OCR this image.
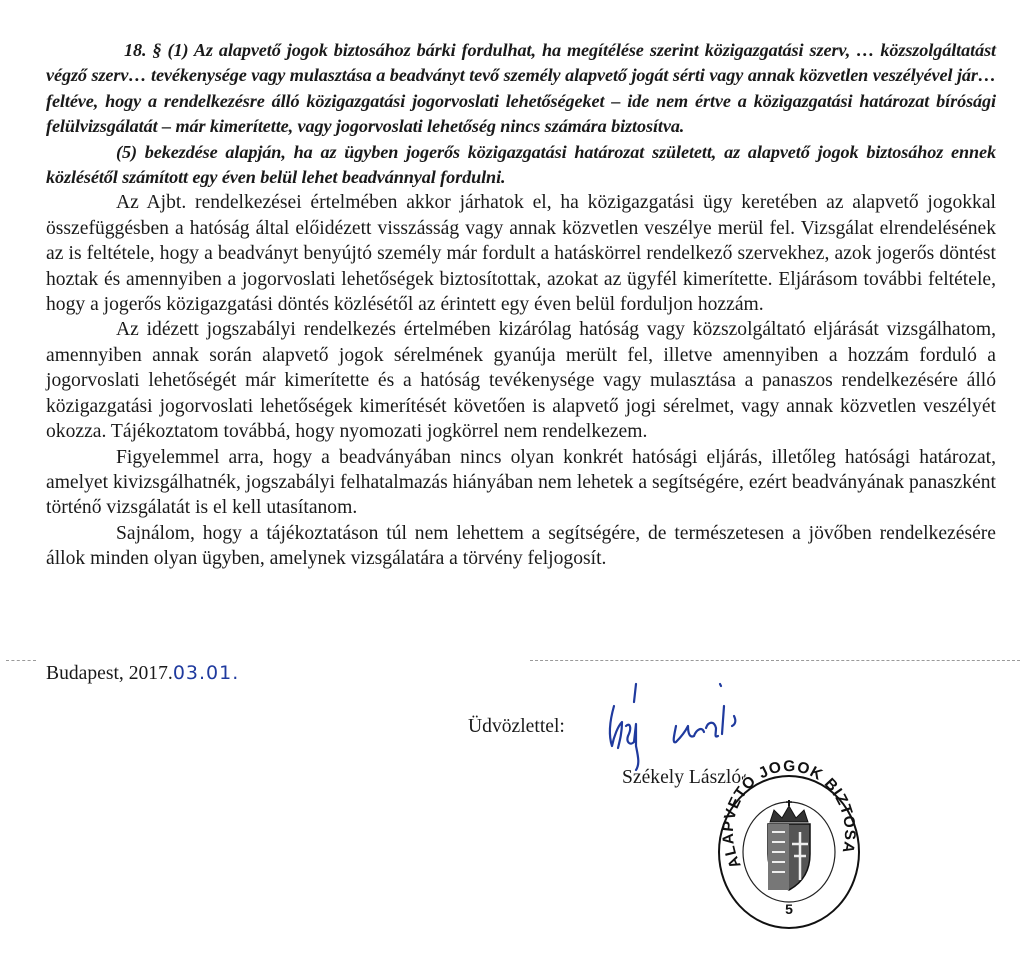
18. § (1) Az alapvető jogok biztosához bárki fordulhat, ha megítélése szerint közigazgatási szerv, … közszolgáltatást végző szerv… tevékenysége vagy mulasztása a beadványt tevő személy alapvető jogát sérti vagy annak közvetlen veszélyével jár… feltéve, hogy a rendelkezésre álló közigazgatási jogorvoslati lehetőségeket – ide nem értve a közigazgatási határozat bírósági felülvizsgálatát – már kimerítette, vagy jogorvoslati lehetőség nincs számára biztosítva.

(5) bekezdése alapján, ha az ügyben jogerős közigazgatási határozat született, az alapvető jogok biztosához ennek közlésétől számított egy éven belül lehet beadvánnyal fordulni.

Az Ajbt. rendelkezései értelmében akkor járhatok el, ha közigazgatási ügy keretében az alapvető jogokkal összefüggésben a hatóság által előidézett visszásság vagy annak közvetlen veszélye merül fel. Vizsgálat elrendelésének az is feltétele, hogy a beadványt benyújtó személy már fordult a hatáskörrel rendelkező szervekhez, azok jogerős döntést hoztak és amennyiben a jogorvoslati lehetőségek biztosítottak, azokat az ügyfél kimerítette. Eljárásom további feltétele, hogy a jogerős közigazgatási döntés közlésétől az érintett egy éven belül forduljon hozzám.

Az idézett jogszabályi rendelkezés értelmében kizárólag hatóság vagy közszolgáltató eljárását vizsgálhatom, amennyiben annak során alapvető jogok sérelmének gyanúja merült fel, illetve amennyiben a hozzám forduló a jogorvoslati lehetőségét már kimerítette és a hatóság tevékenysége vagy mulasztása a panaszos rendelkezésére álló közigazgatási jogorvoslati lehetőségek kimerítését követően is alapvető jogi sérelmet, vagy annak közvetlen veszélyét okozza. Tájékoztatom továbbá, hogy nyomozati jogkörrel nem rendelkezem.

Figyelemmel arra, hogy a beadványában nincs olyan konkrét hatósági eljárás, illetőleg hatósági határozat, amelyet kivizsgálhatnék, jogszabályi felhatalmazás hiányában nem lehetek a segítségére, ezért beadványának panaszként történő vizsgálatát is el kell utasítanom.

Sajnálom, hogy a tájékoztatáson túl nem lehettem a segítségére, de természetesen a jövőben rendelkezésére állok minden olyan ügyben, amelynek vizsgálatára a törvény feljogosít.

Budapest, 2017.03.01.
Üdvözlettel:
Székely László
ALAPVETŐ JOGOK BIZTOSA
5
